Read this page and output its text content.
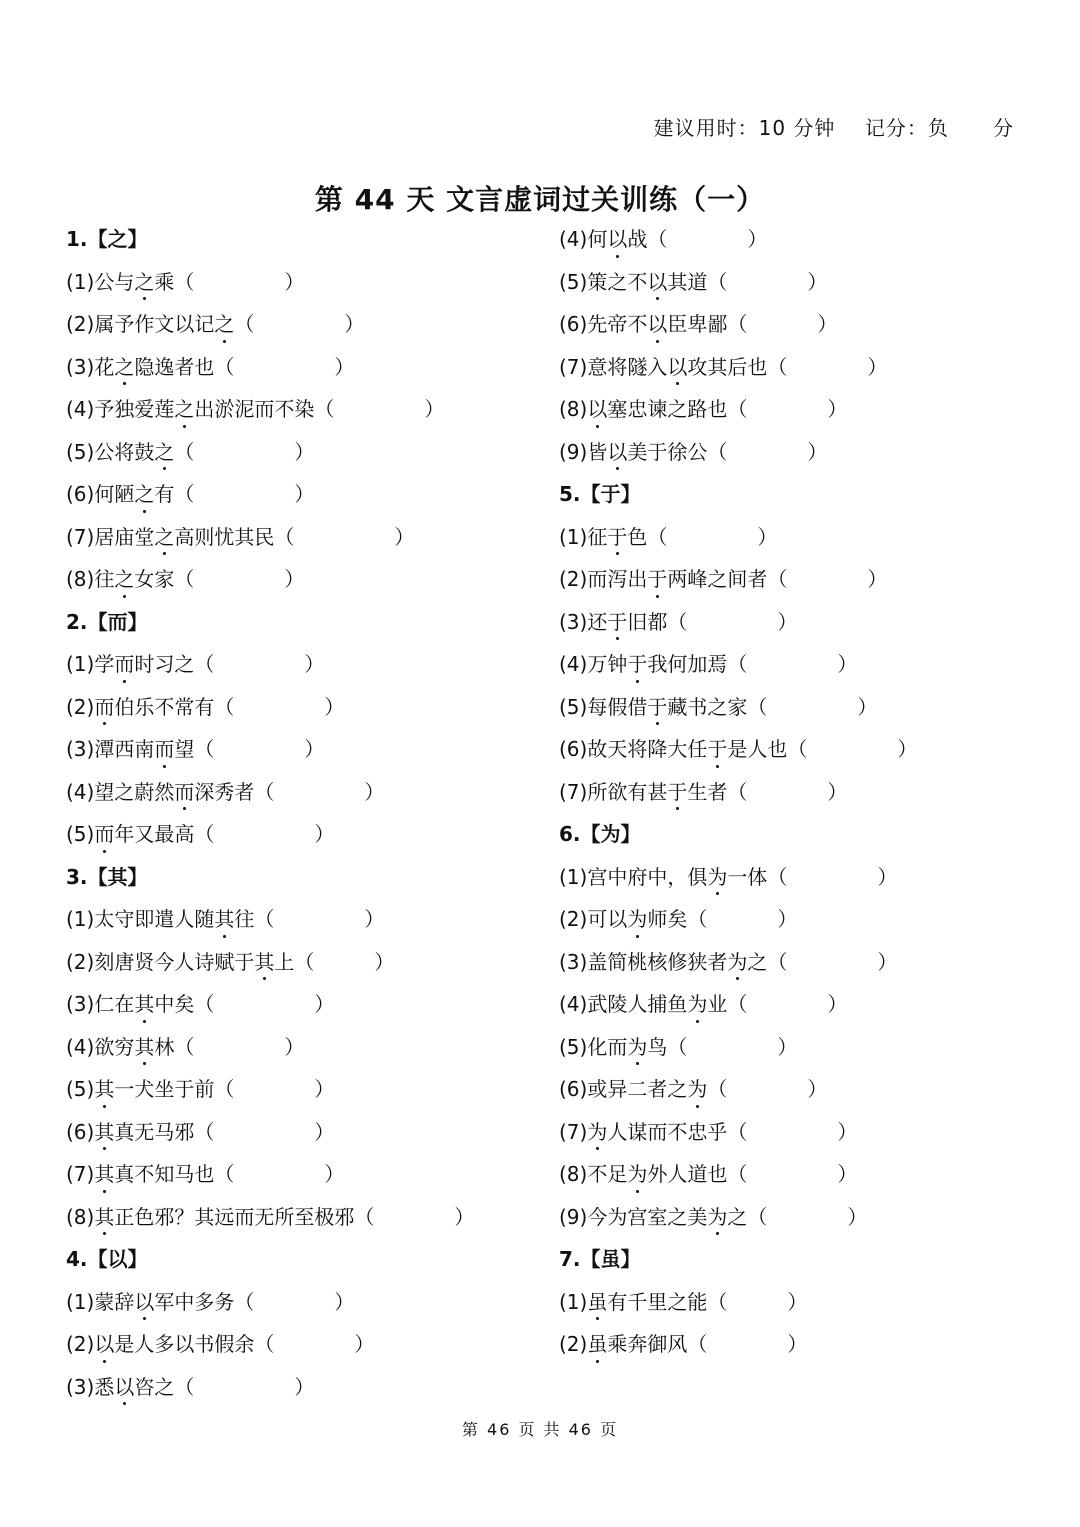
建议用时：10 分钟 记分：负 分
第 44 天 文言虚词过关训练（一）
1.【之】
(1)公与之乘（	）
(2)属予作文以记之（	）
(3)花之隐逸者也（	）
(4)予独爱莲之出淤泥而不染（	）
(5)公将鼓之（	）
(6)何陋之有（	）
(7)居庙堂之高则忧其民（	）
(8)往之女家（	）
2.【而】
(1)学而时习之（	）
(2)而伯乐不常有（	）
(3)潭西南而望（	）
(4)望之蔚然而深秀者（	）
(5)而年又最高（	）
3.【其】
(1)太守即遣人随其往（	）
(2)刻唐贤今人诗赋于其上（	）
(3)仁在其中矣（	）
(4)欲穷其林（	）
(5)其一犬坐于前（	）
(6)其真无马邪（	）
(7)其真不知马也（	）
(8)其正色邪？其远而无所至极邪（	）
4.【以】
(1)蒙辞以军中多务（	）
(2)以是人多以书假余（	）
(3)悉以咨之（	）
(4)何以战（	）
(5)策之不以其道（	）
(6)先帝不以臣卑鄙（	）
(7)意将隧入以攻其后也（	）
(8)以塞忠谏之路也（	）
(9)皆以美于徐公（	）
5.【于】
(1)征于色（	）
(2)而泻出于两峰之间者（	）
(3)还于旧都（	）
(4)万钟于我何加焉（	）
(5)每假借于藏书之家（	）
(6)故天将降大任于是人也（	）
(7)所欲有甚于生者（	）
6.【为】
(1)宫中府中，俱为一体（	）
(2)可以为师矣（	）
(3)盖简桃核修狭者为之（	）
(4)武陵人捕鱼为业（	）
(5)化而为鸟（	）
(6)或异二者之为（	）
(7)为人谋而不忠乎（	）
(8)不足为外人道也（	）
(9)今为宫室之美为之（	）
7.【虽】
(1)虽有千里之能（	）
(2)虽乘奔御风（	）
第 46 页 共 46 页
